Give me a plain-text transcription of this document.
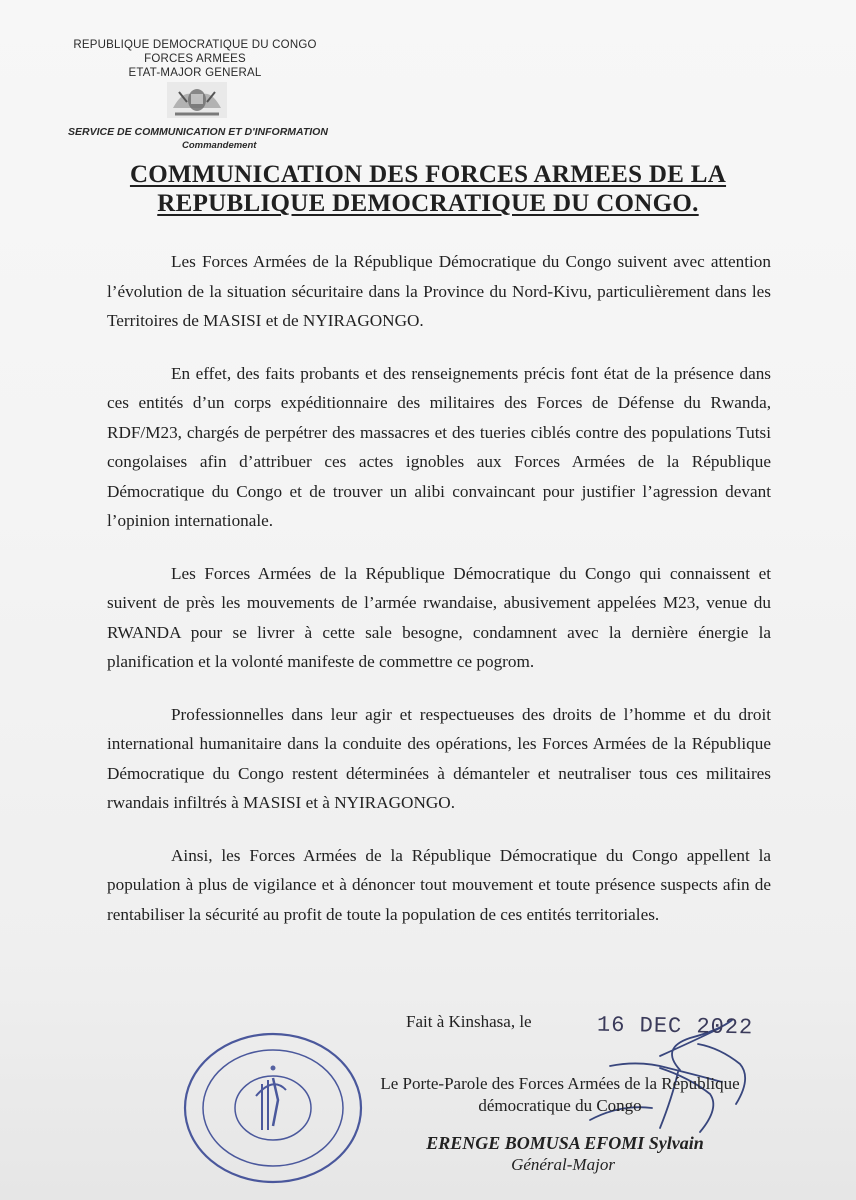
REPUBLIQUE DEMOCRATIQUE DU CONGO
FORCES ARMEES
ETAT-MAJOR GENERAL
SERVICE DE COMMUNICATION ET D'INFORMATION
Commandement
COMMUNICATION DES FORCES ARMEES DE LA
REPUBLIQUE DEMOCRATIQUE DU CONGO.

Les Forces Armées de la République Démocratique du Congo suivent avec attention l’évolution de la situation sécuritaire dans la Province du Nord-Kivu, particulièrement dans les Territoires de MASISI et de NYIRAGONGO.

En effet, des faits probants et des renseignements précis font état de la présence dans ces entités d’un corps expéditionnaire des militaires des Forces de Défense du Rwanda, RDF/M23, chargés de perpétrer des massacres et des tueries ciblés contre des populations Tutsi congolaises afin d’attribuer ces actes ignobles aux Forces Armées de la République Démocratique du Congo et de trouver un alibi convaincant pour justifier l’agression devant l’opinion internationale.

Les Forces Armées de la République Démocratique du Congo qui connaissent et suivent de près les mouvements de l’armée rwandaise, abusivement appelées M23, venue du RWANDA pour se livrer à cette sale besogne, condamnent avec la dernière énergie la planification et la volonté manifeste de commettre ce pogrom.

Professionnelles dans leur agir et respectueuses des droits de l’homme et du droit international humanitaire dans la conduite des opérations, les Forces Armées de la République Démocratique du Congo restent déterminées à démanteler et neutraliser tous ces militaires rwandais infiltrés à MASISI et à NYIRAGONGO.

Ainsi, les Forces Armées de la République Démocratique du Congo appellent la population à plus de vigilance et à dénoncer tout mouvement et toute présence suspects afin de rentabiliser la sécurité au profit de toute la population de ces entités territoriales.

Fait à Kinshasa, le	16 DEC 2022
Le Porte-Parole des Forces Armées de la République
démocratique du Congo
ERENGE BOMUSA EFOMI Sylvain
Général-Major
